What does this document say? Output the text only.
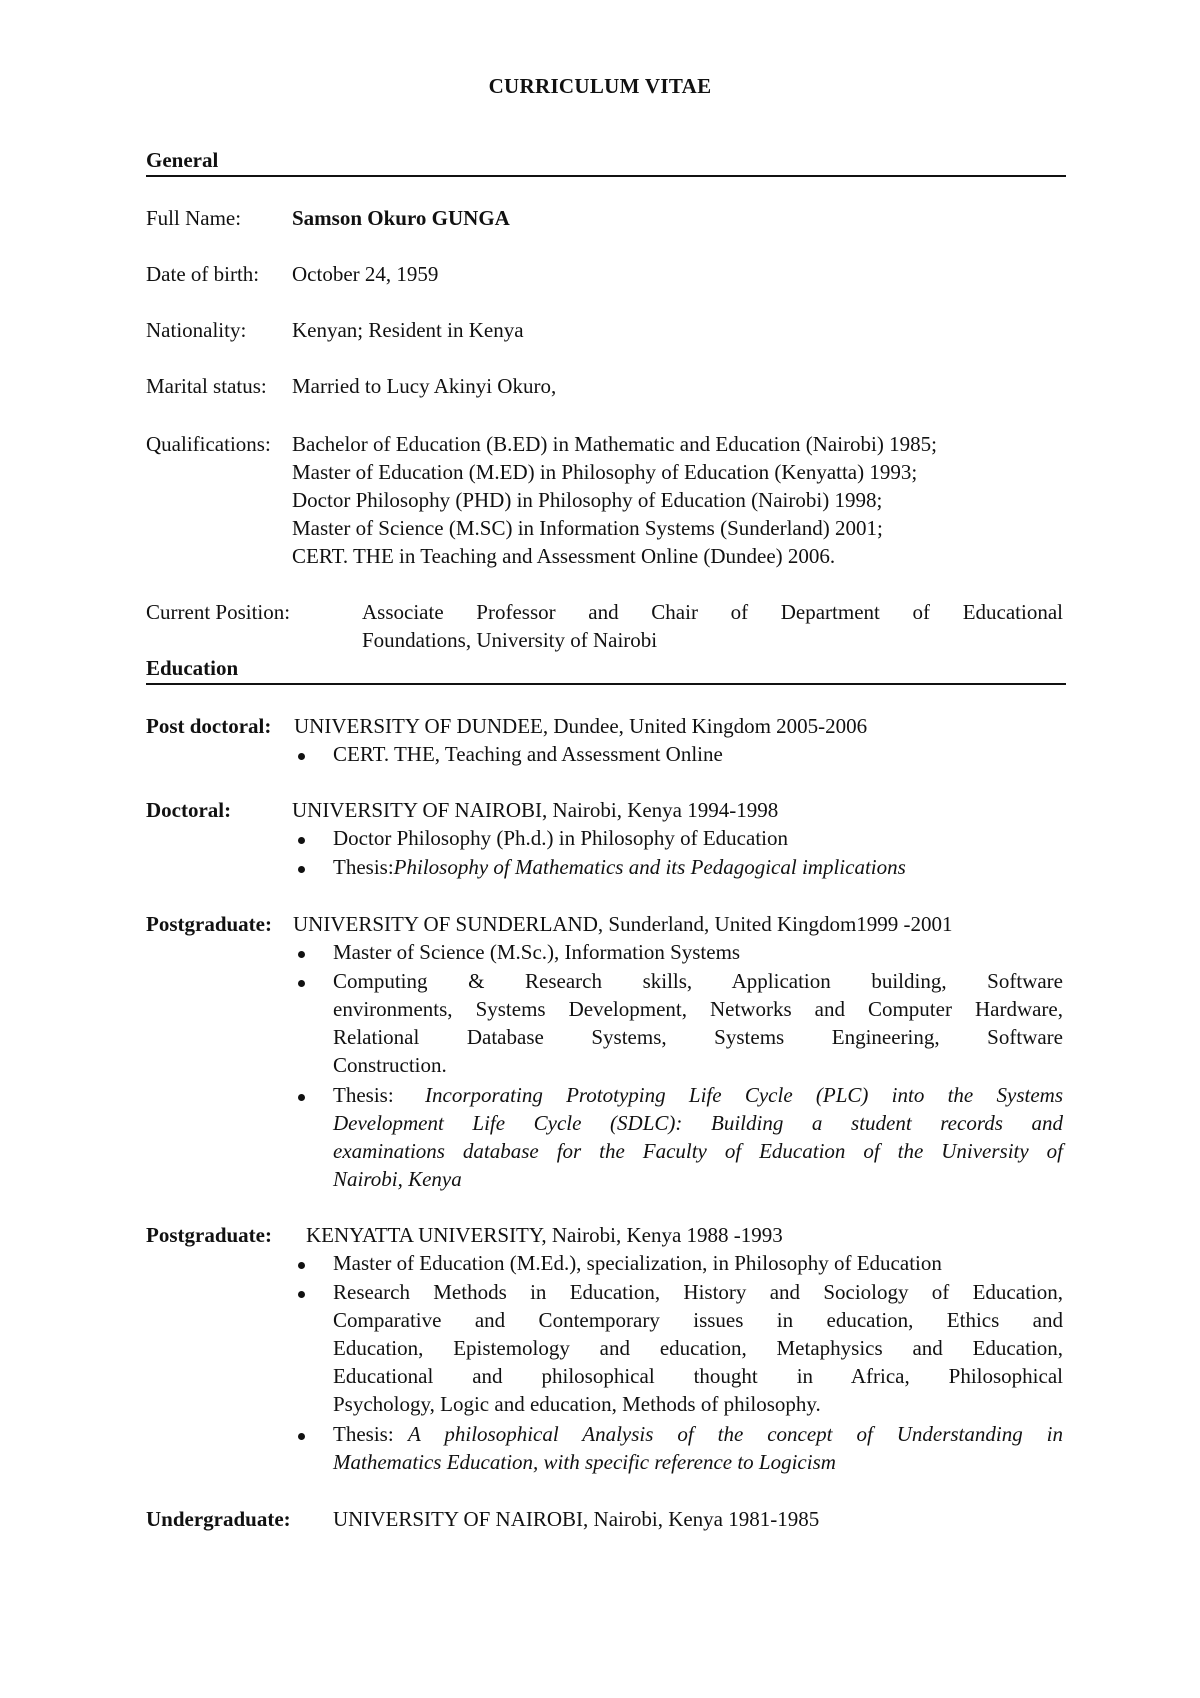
CURRICULUM VITAE
General
Full Name: Samson Okuro GUNGA
Date of birth: October 24, 1959
Nationality: Kenyan; Resident in Kenya
Marital status: Married to Lucy Akinyi Okuro,
Qualifications: Bachelor of Education (B.ED) in Mathematic and Education (Nairobi) 1985;
Master of Education (M.ED) in Philosophy of Education (Kenyatta) 1993;
Doctor Philosophy (PHD) in Philosophy of Education (Nairobi) 1998;
Master of Science (M.SC) in Information Systems (Sunderland) 2001;
CERT. THE in Teaching and Assessment Online (Dundee) 2006.
Current Position:	Associate Professor and Chair of Department of Educational
Foundations, University of Nairobi
Education
Post doctoral: UNIVERSITY OF DUNDEE, Dundee, United Kingdom 2005-2006
CERT. THE, Teaching and Assessment Online
Doctoral:	UNIVERSITY OF NAIROBI, Nairobi, Kenya 1994-1998
Doctor Philosophy (Ph.d.) in Philosophy of Education
Thesis:Philosophy of Mathematics and its Pedagogical implications
Postgraduate: UNIVERSITY OF SUNDERLAND, Sunderland, United Kingdom1999 -2001
Master of Science (M.Sc.), Information Systems
Computing & Research skills, Application building, Software
environments, Systems Development, Networks and Computer Hardware,
Relational Database Systems, Systems Engineering, Software
Construction.
Thesis: Incorporating Prototyping Life Cycle (PLC) into the Systems
Development Life Cycle (SDLC): Building a student records and
examinations database for the Faculty of Education of the University of
Nairobi, Kenya
Postgraduate: KENYATTA UNIVERSITY, Nairobi, Kenya 1988 -1993
Master of Education (M.Ed.), specialization, in Philosophy of Education
Research Methods in Education, History and Sociology of Education,
Comparative and Contemporary issues in education, Ethics and
Education, Epistemology and education, Metaphysics and Education,
Educational and philosophical thought in Africa, Philosophical
Psychology, Logic and education, Methods of philosophy.
Thesis: A philosophical Analysis of the concept of Understanding in
Mathematics Education, with specific reference to Logicism
Undergraduate: UNIVERSITY OF NAIROBI, Nairobi, Kenya 1981-1985
